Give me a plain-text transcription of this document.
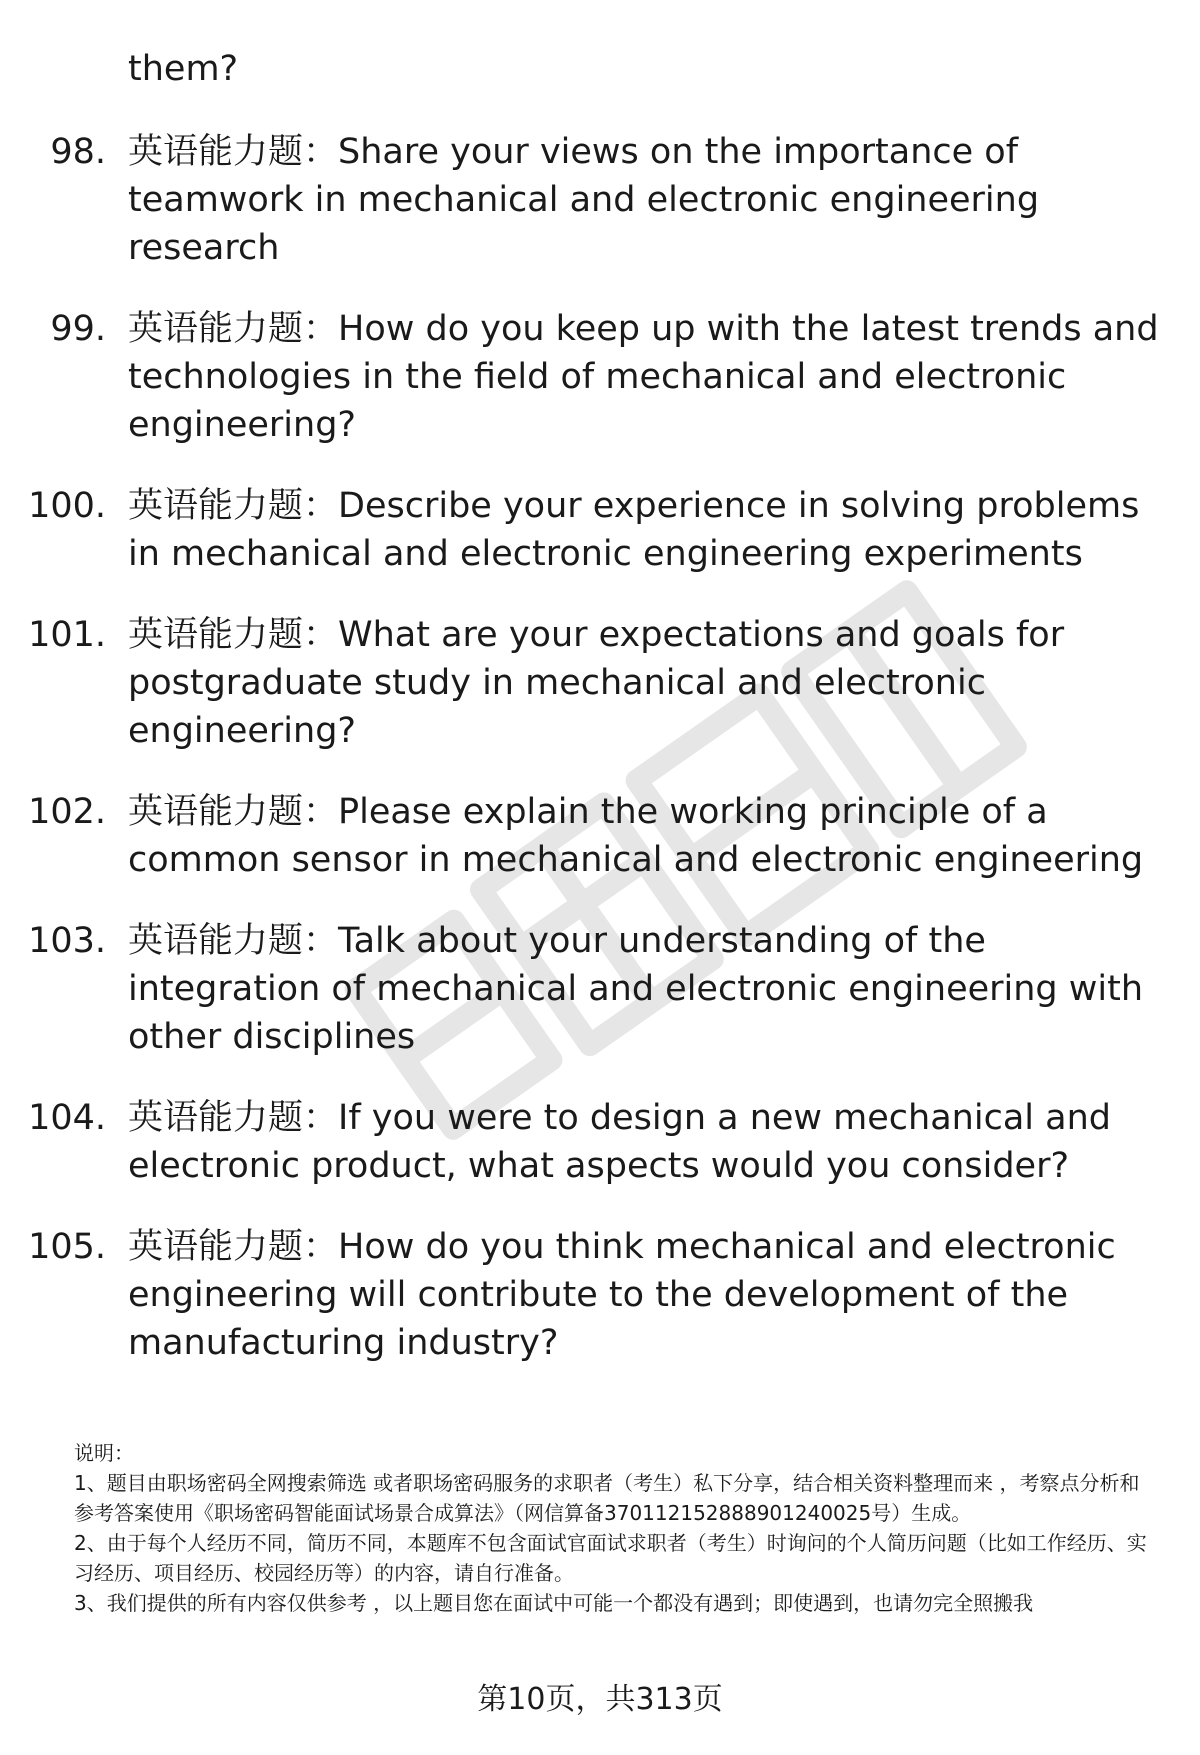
them?
98. 英语能力题：Share your views on the importance of teamwork in mechanical and electronic engineering research
99. 英语能力题：How do you keep up with the latest trends and technologies in the field of mechanical and electronic engineering?
100. 英语能力题：Describe your experience in solving problems in mechanical and electronic engineering experiments
101. 英语能力题：What are your expectations and goals for postgraduate study in mechanical and electronic engineering?
102. 英语能力题：Please explain the working principle of a common sensor in mechanical and electronic engineering
103. 英语能力题：Talk about your understanding of the integration of mechanical and electronic engineering with other disciplines
104. 英语能力题：If you were to design a new mechanical and electronic product, what aspects would you consider?
105. 英语能力题：How do you think mechanical and electronic engineering will contribute to the development of the manufacturing industry?

说明：

1、题目由职场密码全网搜索筛选 或者职场密码服务的求职者（考生）私下分享，结合相关资料整理而来 ，考察点分析和参考答案使用《职场密码智能面试场景合成算法》（网信算备370112152888901240025号）生成。

2、由于每个人经历不同，简历不同，本题库不包含面试官面试求职者（考生）时询问的个人简历问题（比如工作经历、实习经历、项目经历、校园经历等）的内容，请自行准备。

3、我们提供的所有内容仅供参考 ，以上题目您在面试中可能一个都没有遇到；即使遇到，也请勿完全照搬我

第10页，共313页
